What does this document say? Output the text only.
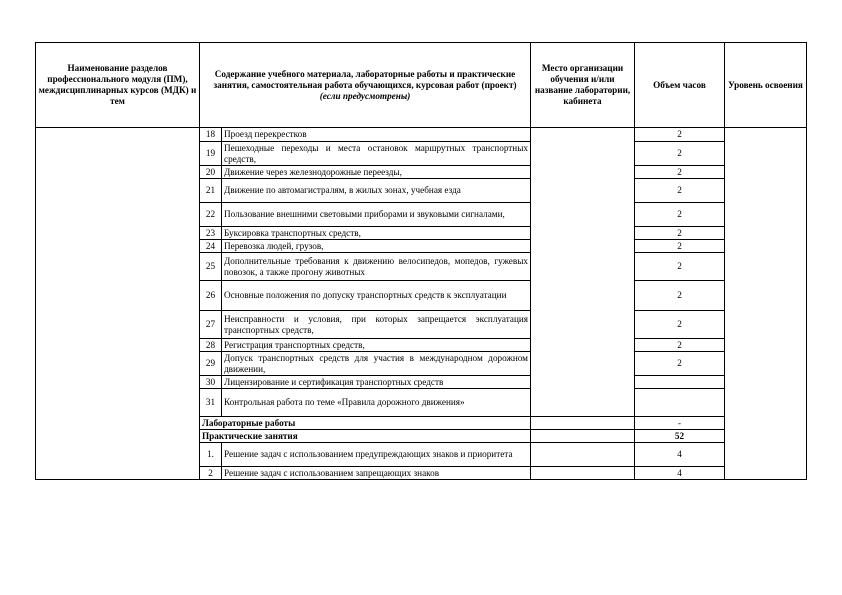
Наименование разделов профессионального модуля (ПМ), междисциплинарных курсов (МДК) и тем	Содержание учебного материала, лабораторные работы и практические занятия, самостоятельная работа обучающихся, курсовая работ (проект) (если предусмотрены)		Место организации обучения и/или название лаборатории, кабинета	Объем часов	Уровень освоения
	18	Проезд перекрестков		2	
	19	Пешеходные переходы и места остановок маршрутных транспортных средств,		2	
	20	Движение через железнодорожные переезды,		2	
	21	Движение по автомагистралям, в жилых зонах, учебная езда		2	
	22	Пользование внешними световыми приборами и звуковыми сигналами,		2	
	23	Буксировка транспортных средств,		2	
	24	Перевозка людей, грузов,		2	
	25	Дополнительные требования к движению велосипедов, мопедов, гужевых повозок, а также прогону животных		2	
	26	Основные положения по допуску транспортных средств к эксплуатации		2	
	27	Неисправности и условия, при которых запрещается эксплуатация транспортных средств,		2	
	28	Регистрация транспортных средств,		2	
	29	Допуск транспортных средств для участия в международном дорожном движении,		2	
	30	Лицензирование и сертификация транспортных средств			
	31	Контрольная работа по теме «Правила дорожного движения»			
	Лабораторные работы			-	
	Практические занятия			52	
	1.	Решение задач с использованием предупреждающих знаков и приоритета		4	
	2	Решение задач с использованием запрещающих знаков		4	
